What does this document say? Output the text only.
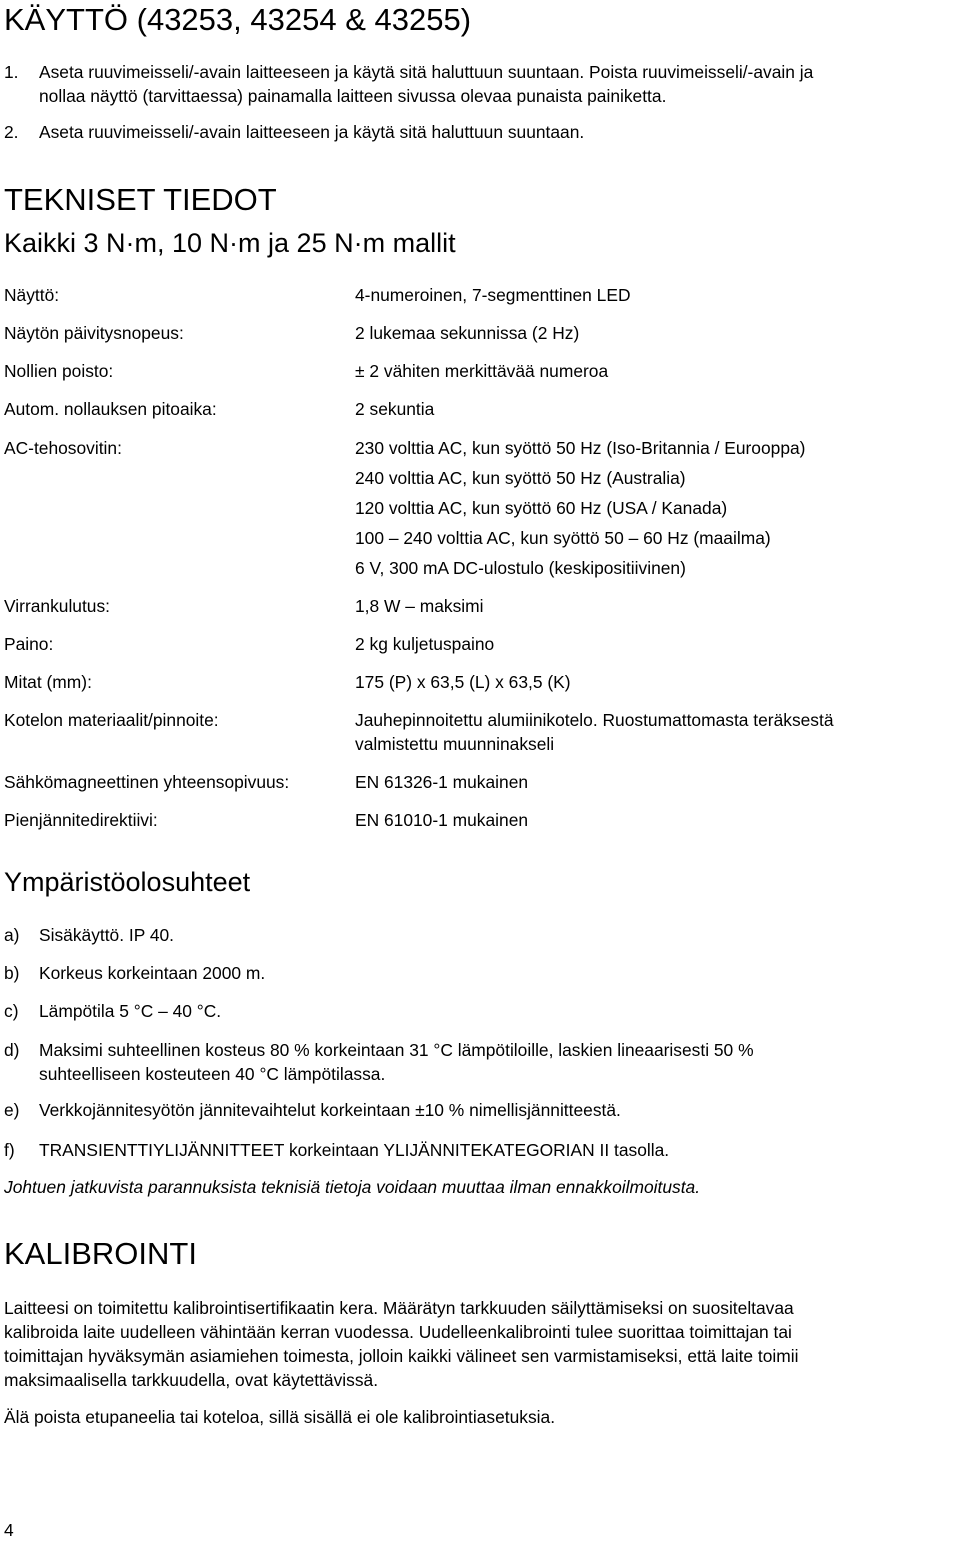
KÄYTTÖ (43253, 43254 & 43255)
1. Aseta ruuvimeisseli/-avain laitteeseen ja käytä sitä haluttuun suuntaan. Poista ruuvimeisseli/-avain ja
nollaa näyttö (tarvittaessa) painamalla laitteen sivussa olevaa punaista painiketta.
2. Aseta ruuvimeisseli/-avain laitteeseen ja käytä sitä haluttuun suuntaan.
TEKNISET TIEDOT
Kaikki 3 N·m, 10 N·m ja 25 N·m mallit
Näyttö:	4-numeroinen, 7-segmenttinen LED
Näytön päivitysnopeus:	2 lukemaa sekunnissa (2 Hz)
Nollien poisto:	± 2 vähiten merkittävää numeroa
Autom. nollauksen pitoaika:	2 sekuntia
AC-tehosovitin:	230 volttia AC, kun syöttö 50 Hz (Iso-Britannia / Eurooppa)
240 volttia AC, kun syöttö 50 Hz (Australia)
120 volttia AC, kun syöttö 60 Hz (USA / Kanada)
100 – 240 volttia AC, kun syöttö 50 – 60 Hz (maailma)
6 V, 300 mA DC-ulostulo (keskipositiivinen)
Virrankulutus:	1,8 W – maksimi
Paino:	2 kg kuljetuspaino
Mitat (mm):	175 (P) x 63,5 (L) x 63,5 (K)
Kotelon materiaalit/pinnoite:	Jauhepinnoitettu alumiinikotelo. Ruostumattomasta teräksestä
valmistettu muunninakseli
Sähkömagneettinen yhteensopivuus:	EN 61326-1 mukainen
Pienjännitedirektiivi:	EN 61010-1 mukainen
Ympäristöolosuhteet
a) Sisäkäyttö. IP 40.
b) Korkeus korkeintaan 2000 m.
c) Lämpötila 5 °C – 40 °C.
d) Maksimi suhteellinen kosteus 80 % korkeintaan 31 °C lämpötiloille, laskien lineaarisesti 50 %
suhteelliseen kosteuteen 40 °C lämpötilassa.
e) Verkkojännitesyötön jännitevaihtelut korkeintaan ±10 % nimellisjännitteestä.
f) TRANSIENTTIYLIJÄNNITTEET korkeintaan YLIJÄNNITEKATEGORIAN II tasolla.
Johtuen jatkuvista parannuksista teknisiä tietoja voidaan muuttaa ilman ennakkoilmoitusta.
KALIBROINTI
Laitteesi on toimitettu kalibrointisertifikaatin kera. Määrätyn tarkkuuden säilyttämiseksi on suositeltavaa
kalibroida laite uudelleen vähintään kerran vuodessa. Uudelleenkalibrointi tulee suorittaa toimittajan tai
toimittajan hyväksymän asiamiehen toimesta, jolloin kaikki välineet sen varmistamiseksi, että laite toimii
maksimaalisella tarkkuudella, ovat käytettävissä.
Älä poista etupaneelia tai koteloa, sillä sisällä ei ole kalibrointiasetuksia.
4
